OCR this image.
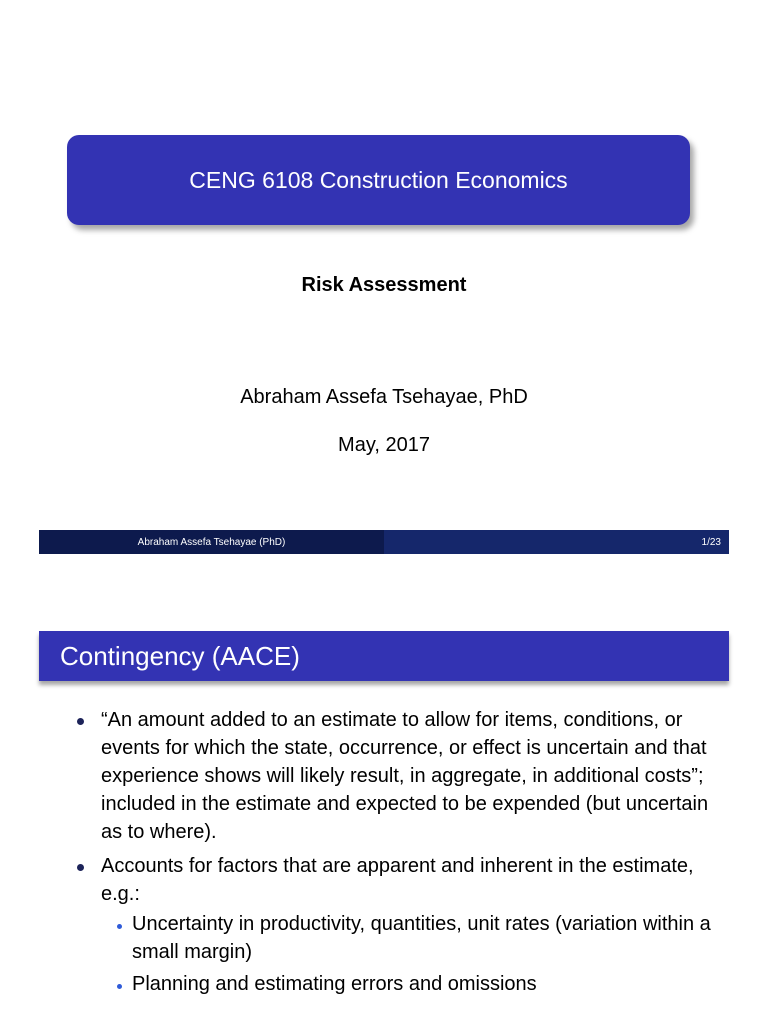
CENG 6108 Construction Economics
Risk Assessment
Abraham Assefa Tsehayae, PhD
May, 2017
Abraham Assefa Tsehayae (PhD)	1/23
Contingency (AACE)
“An amount added to an estimate to allow for items, conditions, or events for which the state, occurrence, or effect is uncertain and that experience shows will likely result, in aggregate, in additional costs”; included in the estimate and expected to be expended (but uncertain as to where).
Accounts for factors that are apparent and inherent in the estimate, e.g.:
Uncertainty in productivity, quantities, unit rates (variation within a small margin)
Planning and estimating errors and omissions
